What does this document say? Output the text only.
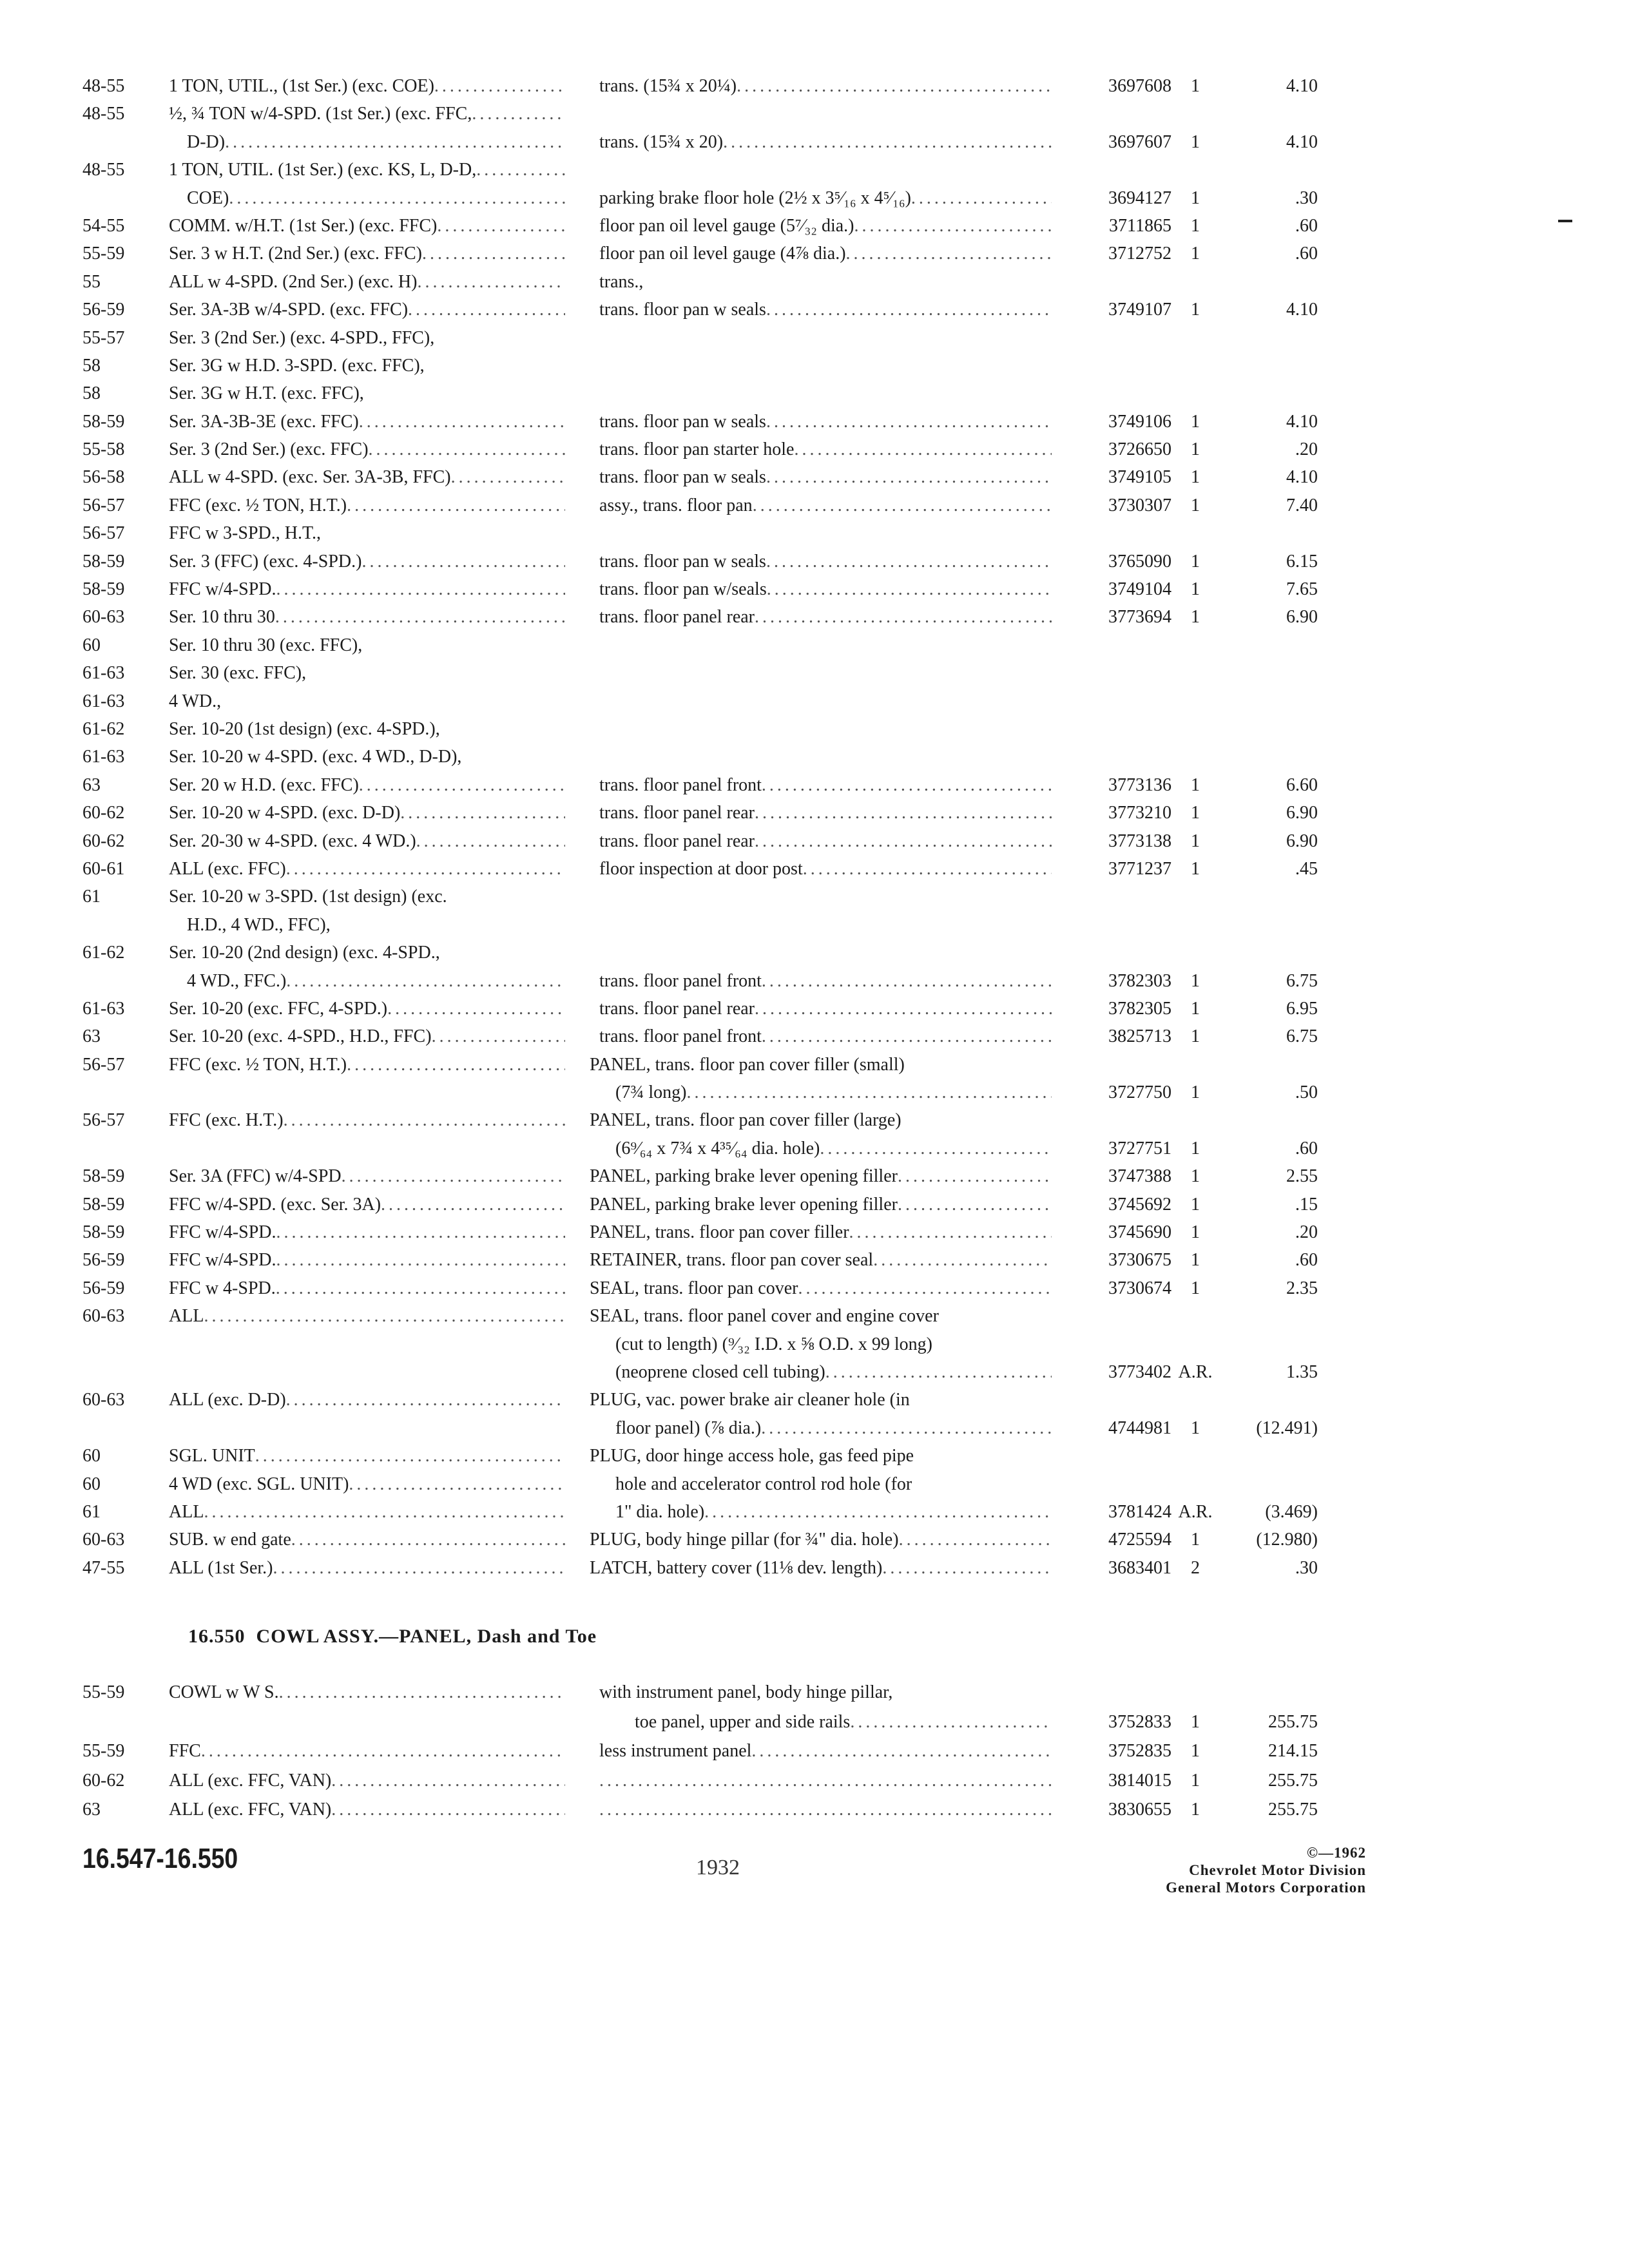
48-55	1 TON, UTIL., (1st Ser.) (exc. COE) .....	trans. (15¾ x 20¼) .....	3697608	1	4.10
48-55	½, ¾ TON w/4-SPD. (1st Ser.) (exc. FFC,
.....
D-D) .....	trans. (15¾ x 20) .....	3697607	1	4.10
48-55	1 TON, UTIL. (1st Ser.) (exc. KS, L, D-D,
.....
COE) .....	parking brake floor hole (2½ x 3⁵⁄₁₆ x 4⁵⁄₁₆) .....	3694127	1	.30
54-55	COMM. w/H.T. (1st Ser.) (exc. FFC) .....	floor pan oil level gauge (5⁷⁄₃₂ dia.) .....	3711865	1	.60
55-59	Ser. 3 w H.T. (2nd Ser.) (exc. FFC) .....	floor pan oil level gauge (4⅞ dia.) .....	3712752	1	.60
55	ALL w 4-SPD. (2nd Ser.) (exc. H) .....	trans.,
56-59	Ser. 3A-3B w/4-SPD. (exc. FFC) .....	trans. floor pan w seals .....	3749107	1	4.10
55-57	Ser. 3 (2nd Ser.) (exc. 4-SPD., FFC),
58	Ser. 3G w H.D. 3-SPD. (exc. FFC),
58	Ser. 3G w H.T. (exc. FFC),
58-59	Ser. 3A-3B-3E (exc. FFC) .....	trans. floor pan w seals .....	3749106	1	4.10
55-58	Ser. 3 (2nd Ser.) (exc. FFC) .....	trans. floor pan starter hole .....	3726650	1	.20
56-58	ALL w 4-SPD. (exc. Ser. 3A-3B, FFC) .....	trans. floor pan w seals .....	3749105	1	4.10
56-57	FFC (exc. ½ TON, H.T.) .....	assy., trans. floor pan .....	3730307	1	7.40
56-57	FFC w 3-SPD., H.T.,
58-59	Ser. 3 (FFC) (exc. 4-SPD.) .....	trans. floor pan w seals .....	3765090	1	6.15
58-59	FFC w/4-SPD. .....	trans. floor pan w/seals .....	3749104	1	7.65
60-63	Ser. 10 thru 30 .....	trans. floor panel rear .....	3773694	1	6.90
60	Ser. 10 thru 30 (exc. FFC),
61-63	Ser. 30 (exc. FFC),
61-63	4 WD.,
61-62	Ser. 10-20 (1st design) (exc. 4-SPD.),
61-63	Ser. 10-20 w 4-SPD. (exc. 4 WD., D-D),
63	Ser. 20 w H.D. (exc. FFC) .....	trans. floor panel front .....	3773136	1	6.60
60-62	Ser. 10-20 w 4-SPD. (exc. D-D) .....	trans. floor panel rear .....	3773210	1	6.90
60-62	Ser. 20-30 w 4-SPD. (exc. 4 WD.) .....	trans. floor panel rear .....	3773138	1	6.90
60-61	ALL (exc. FFC) .....	floor inspection at door post .....	3771237	1	.45
61	Ser. 10-20 w 3-SPD. (1st design) (exc.
H.D., 4 WD., FFC),
61-62	Ser. 10-20 (2nd design) (exc. 4-SPD.,
4 WD., FFC.) .....	trans. floor panel front .....	3782303	1	6.75
61-63	Ser. 10-20 (exc. FFC, 4-SPD.) .....	trans. floor panel rear .....	3782305	1	6.95
63	Ser. 10-20 (exc. 4-SPD., H.D., FFC) .....	trans. floor panel front .....	3825713	1	6.75
56-57	FFC (exc. ½ TON, H.T.) .....	PANEL, trans. floor pan cover filler (small)
(7¾ long) .....	3727750	1	.50
56-57	FFC (exc. H.T.) .....	PANEL, trans. floor pan cover filler (large)
(6⁹⁄₆₄ x 7¾ x 4³⁵⁄₆₄ dia. hole) .....	3727751	1	.60
58-59	Ser. 3A (FFC) w/4-SPD .....	PANEL, parking brake lever opening filler .....	3747388	1	2.55
58-59	FFC w/4-SPD. (exc. Ser. 3A) .....	PANEL, parking brake lever opening filler .....	3745692	1	.15
58-59	FFC w/4-SPD. .....	PANEL, trans. floor pan cover filler .....	3745690	1	.20
56-59	FFC w/4-SPD. .....	RETAINER, trans. floor pan cover seal .....	3730675	1	.60
56-59	FFC w 4-SPD. .....	SEAL, trans. floor pan cover .....	3730674	1	2.35
60-63	ALL .....	SEAL, trans. floor panel cover and engine cover
(cut to length) (⁹⁄₃₂ I.D. x ⅝ O.D. x 99 long)
(neoprene closed cell tubing) .....	3773402 A.R.	1.35
60-63	ALL (exc. D-D) .....	PLUG, vac. power brake air cleaner hole (in
floor panel) (⅞ dia.) .....	4744981	1	(12.491)
60	SGL. UNIT .....	PLUG, door hinge access hole, gas feed pipe
60	4 WD (exc. SGL. UNIT) .....	hole and accelerator control rod hole (for
61	ALL .....	1" dia. hole) .....	3781424 A.R.	(3.469)
60-63	SUB. w end gate .....	PLUG, body hinge pillar (for ¾" dia. hole) .....	4725594	1	(12.980)
47-55	ALL (1st Ser.) .....	LATCH, battery cover (11⅛ dev. length) .....	3683401	2	.30
16.550 COWL ASSY.—PANEL, Dash and Toe
55-59	COWL w W S. .....	with instrument panel, body hinge pillar,
toe panel, upper and side rails .....	3752833	1	255.75
55-59	FFC .....	less instrument panel .....	3752835	1	214.15
60-62	ALL (exc. FFC, VAN) ..... .....	3814015	1	255.75
63	ALL (exc. FFC, VAN) ..... .....	3830655	1	255.75
16.547-16.550	1932
©—1962
Chevrolet Motor Division
General Motors Corporation
